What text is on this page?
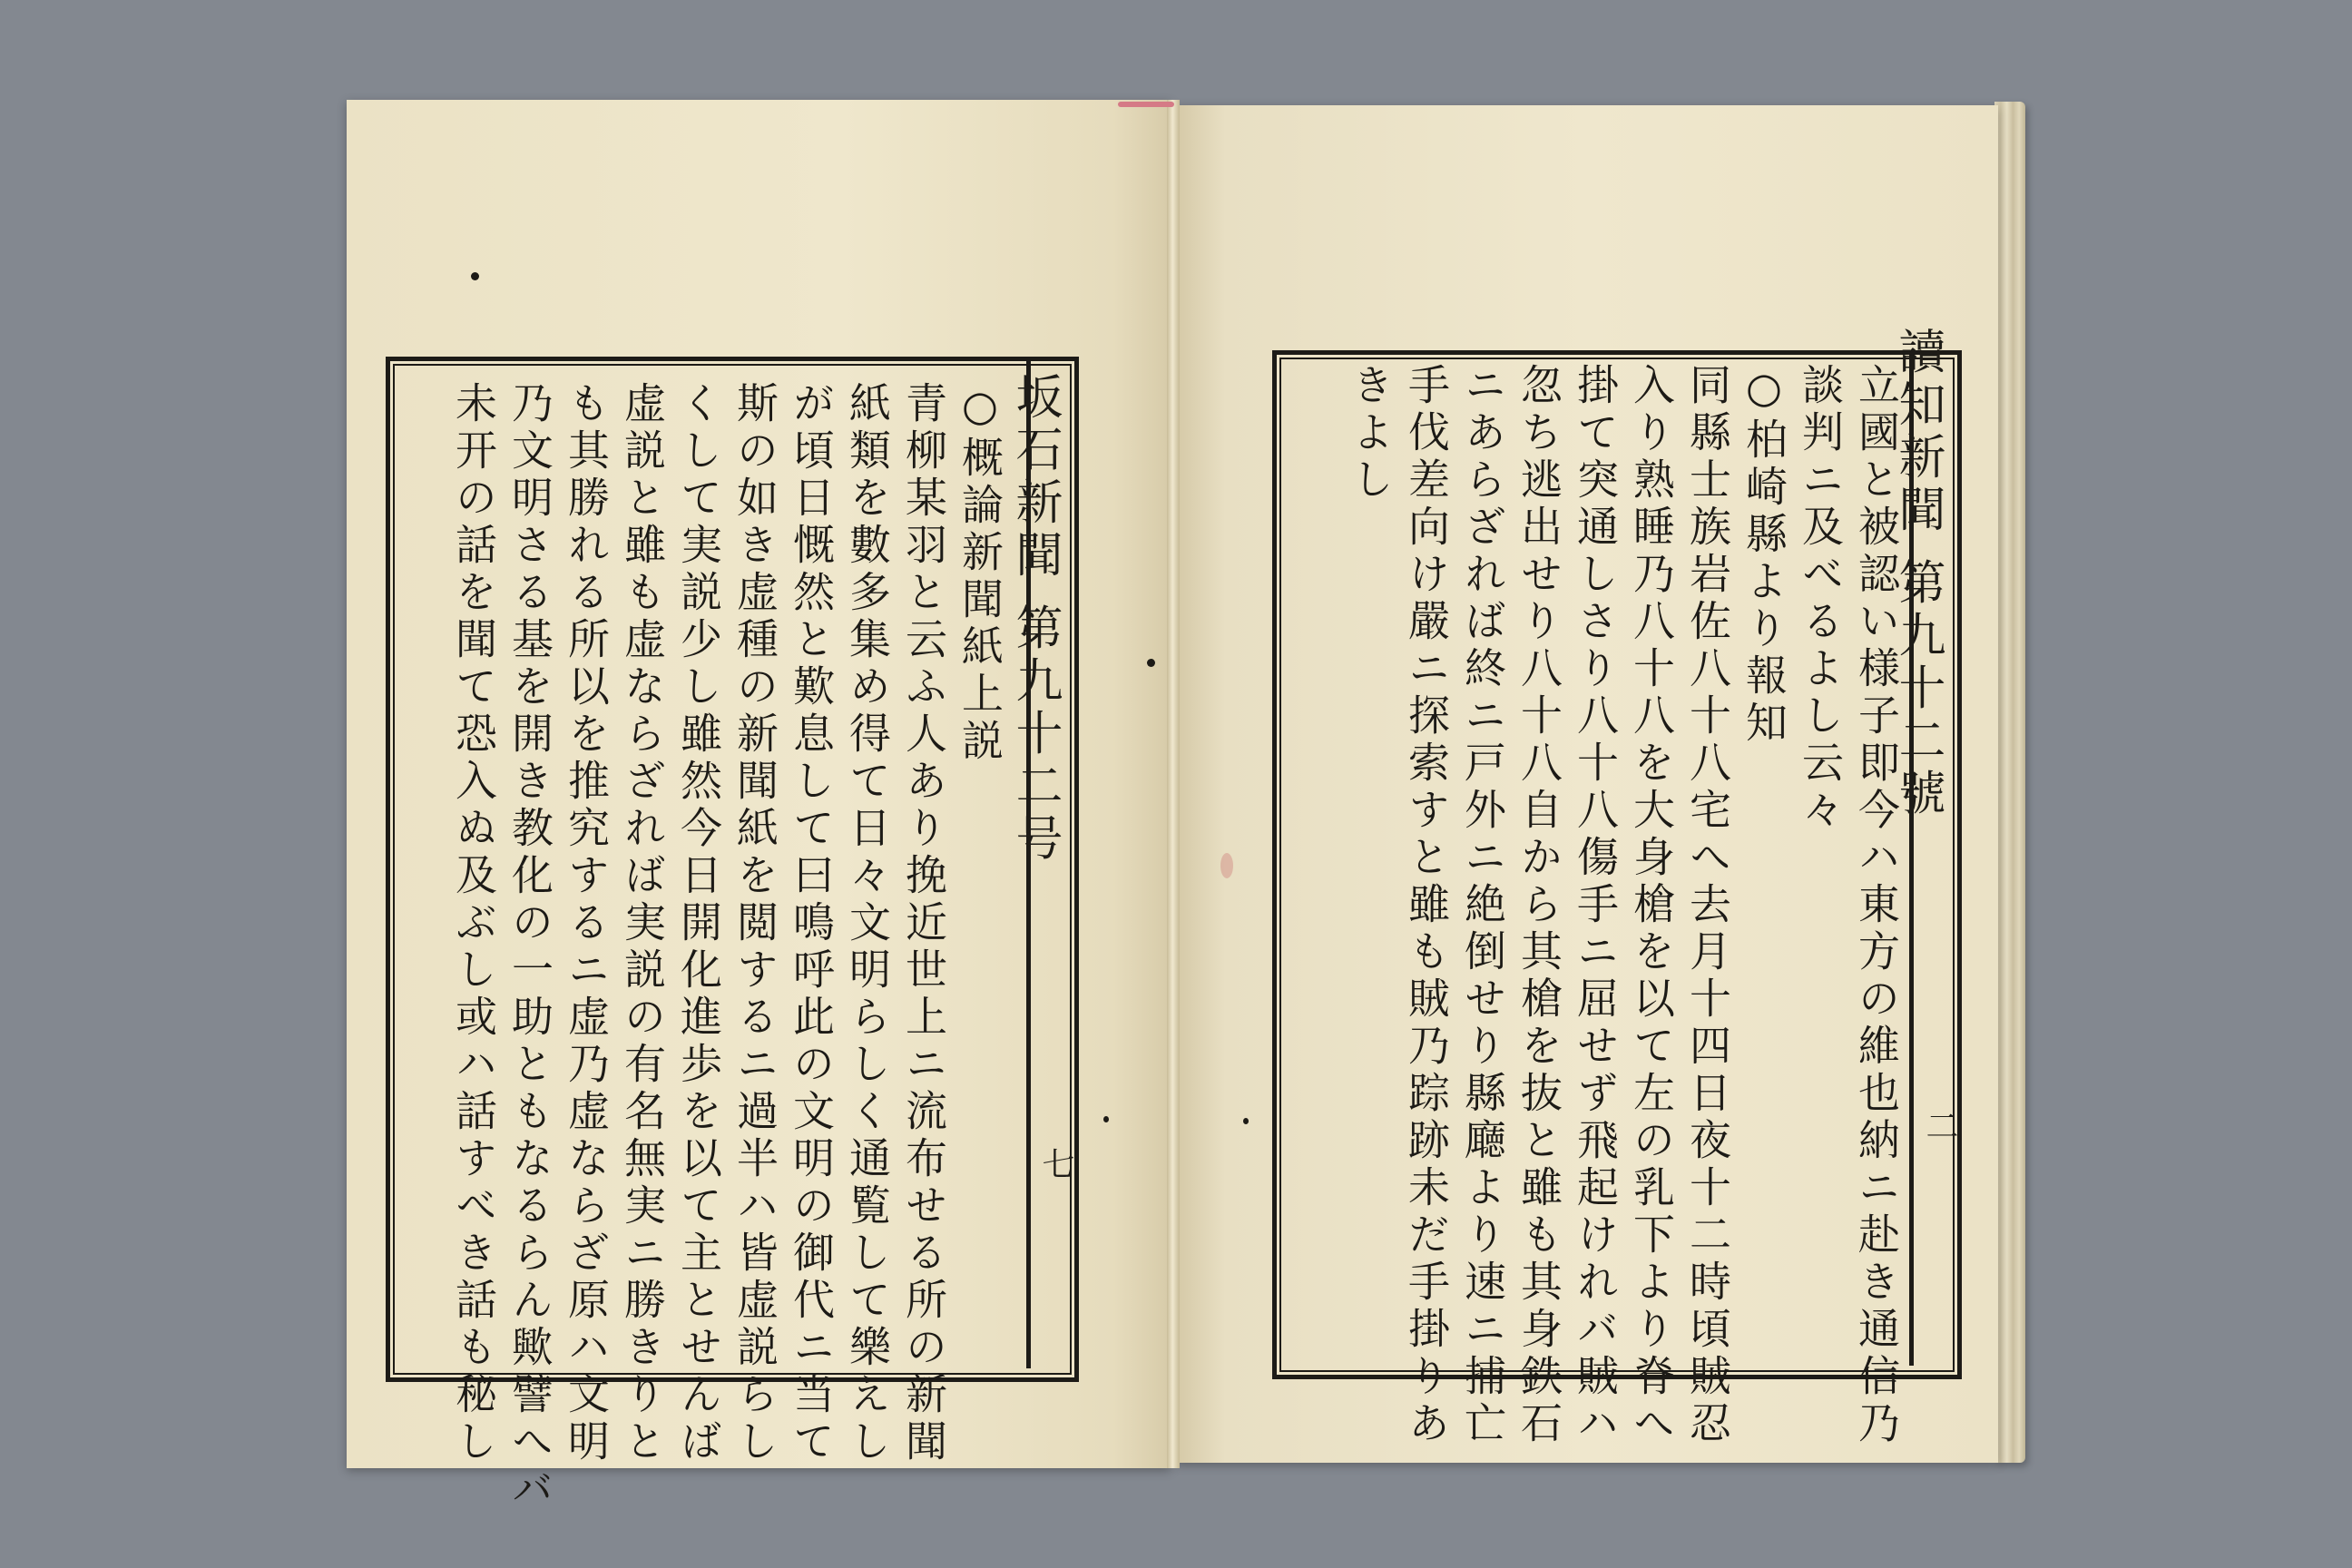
坂石新聞 第九十二号
七
○概論新聞紙上説
青柳某羽と云ふ人あり挽近世上ニ流布せる所の新聞
紙類を數多集め得て日々文明らしく通覧して樂えし
が頃日慨然と歎息して曰鳴呼此の文明の御代ニ当て
斯の如き虚種の新聞紙を閲するニ過半ハ皆虚説らし
くして実説少し雖然今日開化進歩を以て主とせんば
虚説と雖も虚ならざれば実説の有名無実ニ勝きりと
も其勝れる所以を推究するニ虚乃虚ならざ原ハ文明
乃文明さる基を開き教化の一助ともなるらん歟譬へバ
未开の話を聞て恐入ぬ及ぶし或ハ話すべき話も秘し	讀知新聞 第九十二號
二
立國と被認い様子即今ハ東方の維也納ニ赴き通信乃
談判ニ及べるよし云々
○柏崎縣より報知
同縣士族岩佐八十八宅へ去月十四日夜十二時頃賊忍
入り熟睡乃八十八を大身槍を以て左の乳下より脊へ
掛て突通しさり八十八傷手ニ屈せず飛起けれバ賊ハ
忽ち逃出せり八十八自から其槍を抜と雖も其身鉄石
ニあらざれば終ニ戸外ニ絶倒せり縣廰より速ニ捕亡
手伐差向け嚴ニ探索すと雖も賊乃踪跡未だ手掛りあ
きよし
